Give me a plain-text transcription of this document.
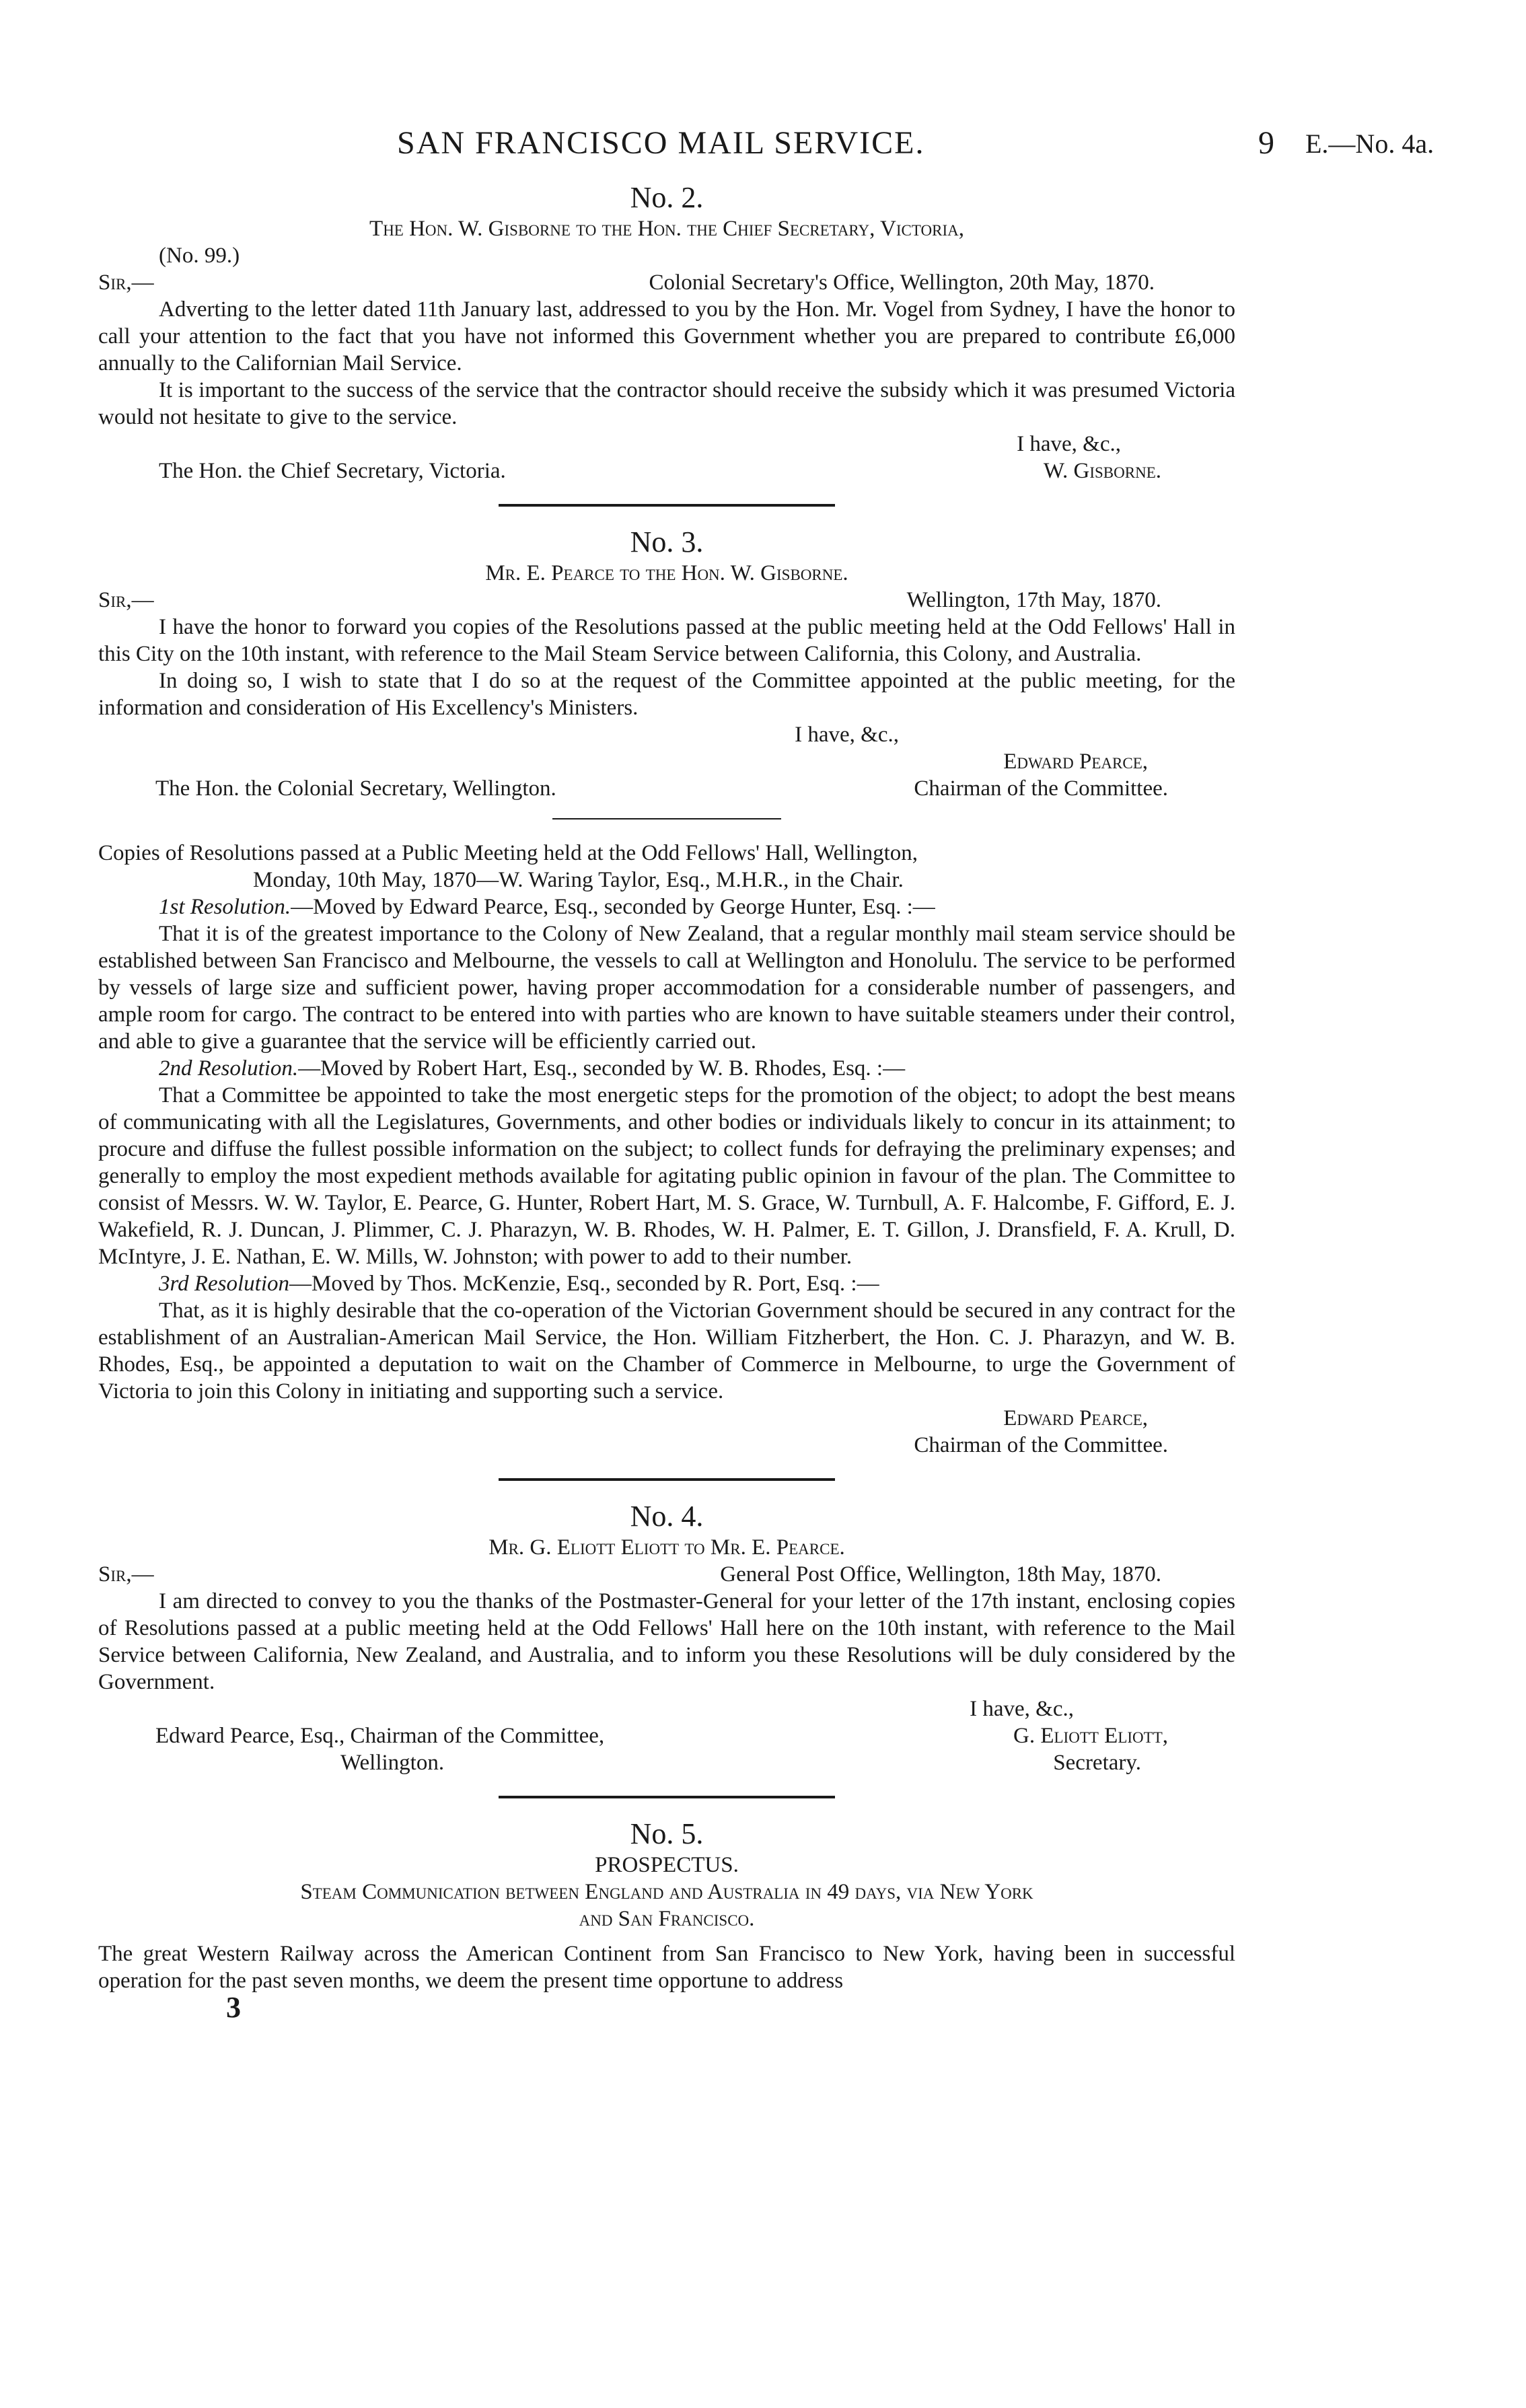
SAN FRANCISCO MAIL SERVICE.	9 E.—No. 4a.
No. 2.
The Hon. W. Gisborne to the Hon. the Chief Secretary, Victoria,
(No. 99.)
Sir,—	Colonial Secretary's Office, Wellington, 20th May, 1870.

Adverting to the letter dated 11th January last, addressed to you by the Hon. Mr. Vogel from Sydney, I have the honor to call your attention to the fact that you have not informed this Government whether you are prepared to contribute £6,000 annually to the Californian Mail Service.

It is important to the success of the service that the contractor should receive the subsidy which it was presumed Victoria would not hesitate to give to the service.

I have, &c.,
The Hon. the Chief Secretary, Victoria.	W. Gisborne.
No. 3.
Mr. E. Pearce to the Hon. W. Gisborne.
Sir,—	Wellington, 17th May, 1870.

I have the honor to forward you copies of the Resolutions passed at the public meeting held at the Odd Fellows' Hall in this City on the 10th instant, with reference to the Mail Steam Service between California, this Colony, and Australia.

In doing so, I wish to state that I do so at the request of the Committee appointed at the public meeting, for the information and consideration of His Excellency's Ministers.

I have, &c.,
Edward Pearce,
The Hon. the Colonial Secretary, Wellington.	Chairman of the Committee.
Copies of Resolutions passed at a Public Meeting held at the Odd Fellows' Hall, Wellington,
Monday, 10th May, 1870—W. Waring Taylor, Esq., M.H.R., in the Chair.

1st Resolution.—Moved by Edward Pearce, Esq., seconded by George Hunter, Esq. :—

That it is of the greatest importance to the Colony of New Zealand, that a regular monthly mail steam service should be established between San Francisco and Melbourne, the vessels to call at Wellington and Honolulu. The service to be performed by vessels of large size and sufficient power, having proper accommodation for a considerable number of passengers, and ample room for cargo. The contract to be entered into with parties who are known to have suitable steamers under their control, and able to give a guarantee that the service will be efficiently carried out.

2nd Resolution.—Moved by Robert Hart, Esq., seconded by W. B. Rhodes, Esq. :—

That a Committee be appointed to take the most energetic steps for the promotion of the object; to adopt the best means of communicating with all the Legislatures, Governments, and other bodies or individuals likely to concur in its attainment; to procure and diffuse the fullest possible information on the subject; to collect funds for defraying the preliminary expenses; and generally to employ the most expedient methods available for agitating public opinion in favour of the plan. The Committee to consist of Messrs. W. W. Taylor, E. Pearce, G. Hunter, Robert Hart, M. S. Grace, W. Turnbull, A. F. Halcombe, F. Gifford, E. J. Wakefield, R. J. Duncan, J. Plimmer, C. J. Pharazyn, W. B. Rhodes, W. H. Palmer, E. T. Gillon, J. Dransfield, F. A. Krull, D. McIntyre, J. E. Nathan, E. W. Mills, W. Johnston; with power to add to their number.

3rd Resolution—Moved by Thos. McKenzie, Esq., seconded by R. Port, Esq. :—

That, as it is highly desirable that the co-operation of the Victorian Government should be secured in any contract for the establishment of an Australian-American Mail Service, the Hon. William Fitzherbert, the Hon. C. J. Pharazyn, and W. B. Rhodes, Esq., be appointed a deputation to wait on the Chamber of Commerce in Melbourne, to urge the Government of Victoria to join this Colony in initiating and supporting such a service.

Edward Pearce,
Chairman of the Committee.
No. 4.
Mr. G. Eliott Eliott to Mr. E. Pearce.
Sir,—	General Post Office, Wellington, 18th May, 1870.

I am directed to convey to you the thanks of the Postmaster-General for your letter of the 17th instant, enclosing copies of Resolutions passed at a public meeting held at the Odd Fellows' Hall here on the 10th instant, with reference to the Mail Service between California, New Zealand, and Australia, and to inform you these Resolutions will be duly considered by the Government.

I have, &c.,
Edward Pearce, Esq., Chairman of the Committee,	G. Eliott Eliott,
Wellington.	Secretary.
No. 5.
PROSPECTUS.
Steam Communication between England and Australia in 49 days, via New York
and San Francisco.

The great Western Railway across the American Continent from San Francisco to New York, having been in successful operation for the past seven months, we deem the present time opportune to address

3
